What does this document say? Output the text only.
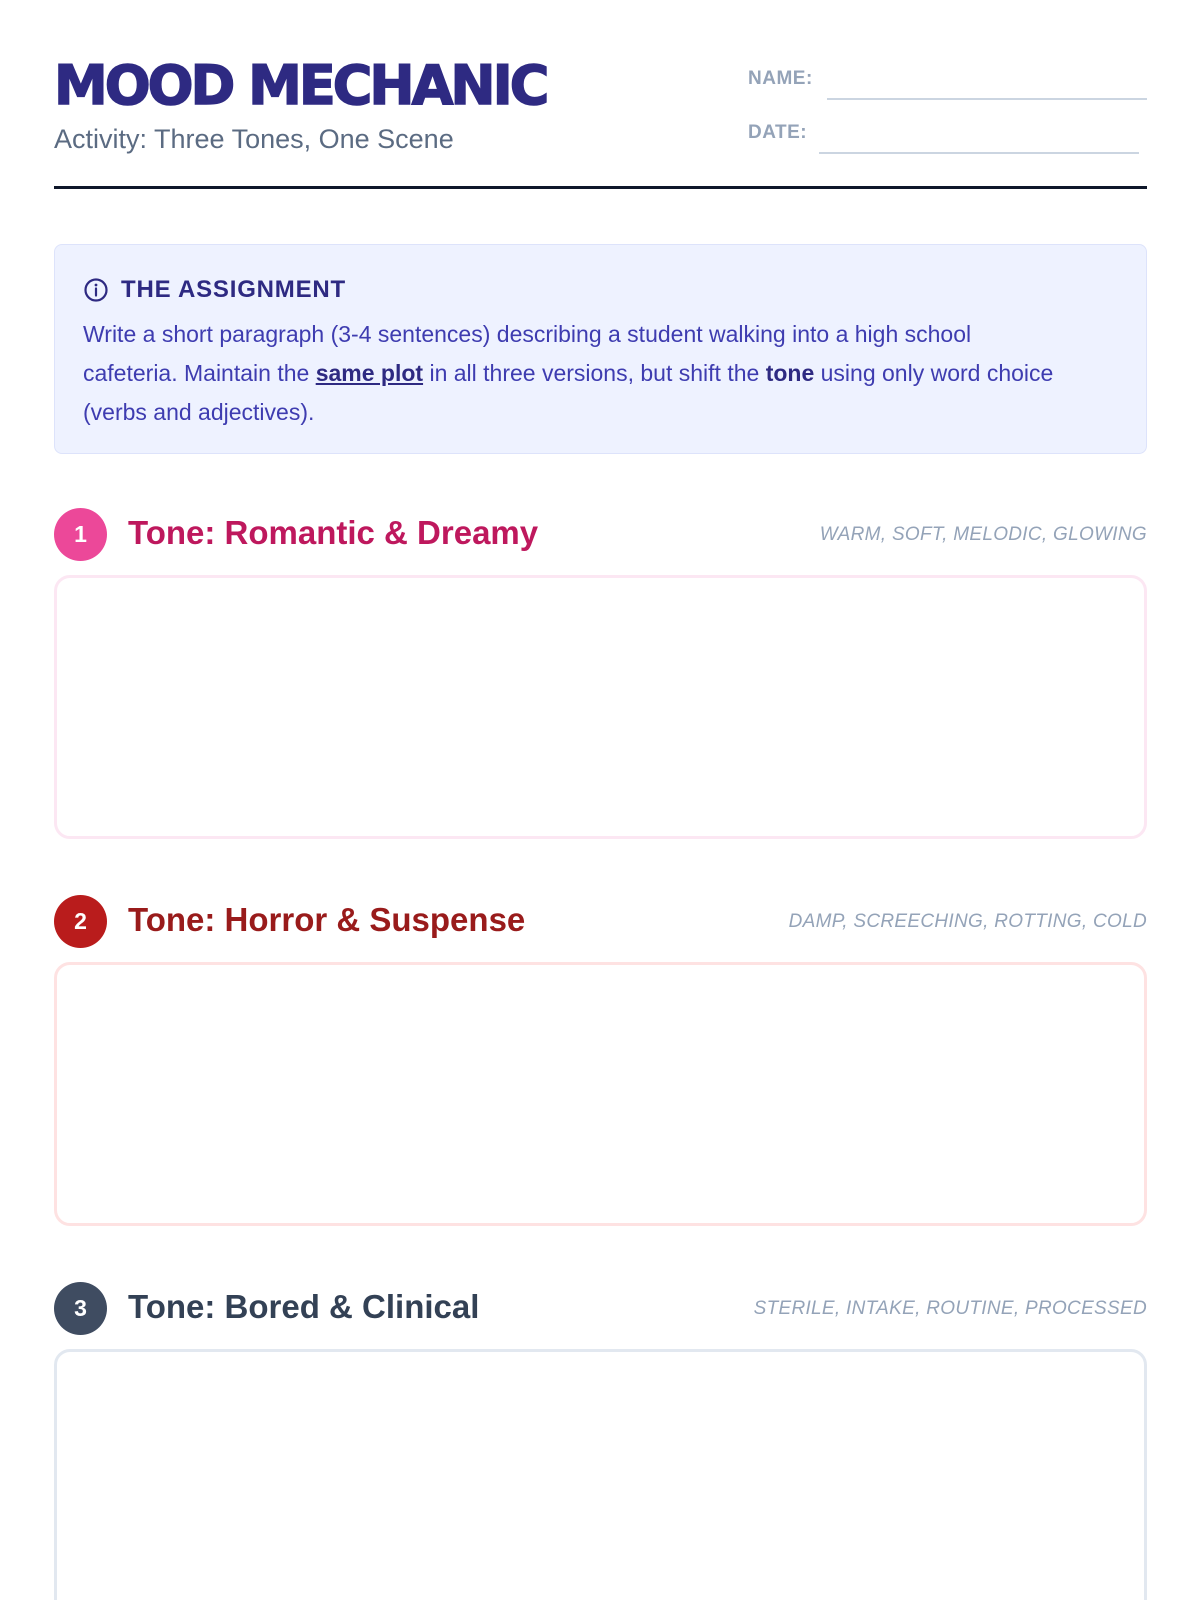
MOOD MECHANIC
Activity: Three Tones, One Scene
NAME:
DATE:
THE ASSIGNMENT

Write a short paragraph (3-4 sentences) describing a student walking into a high school cafeteria. Maintain the same plot in all three versions, but shift the tone using only word choice (verbs and adjectives).

1	Tone: Romantic & Dreamy	WARM, SOFT, MELODIC, GLOWING
2	Tone: Horror & Suspense	DAMP, SCREECHING, ROTTING, COLD
3	Tone: Bored & Clinical	STERILE, INTAKE, ROUTINE, PROCESSED
